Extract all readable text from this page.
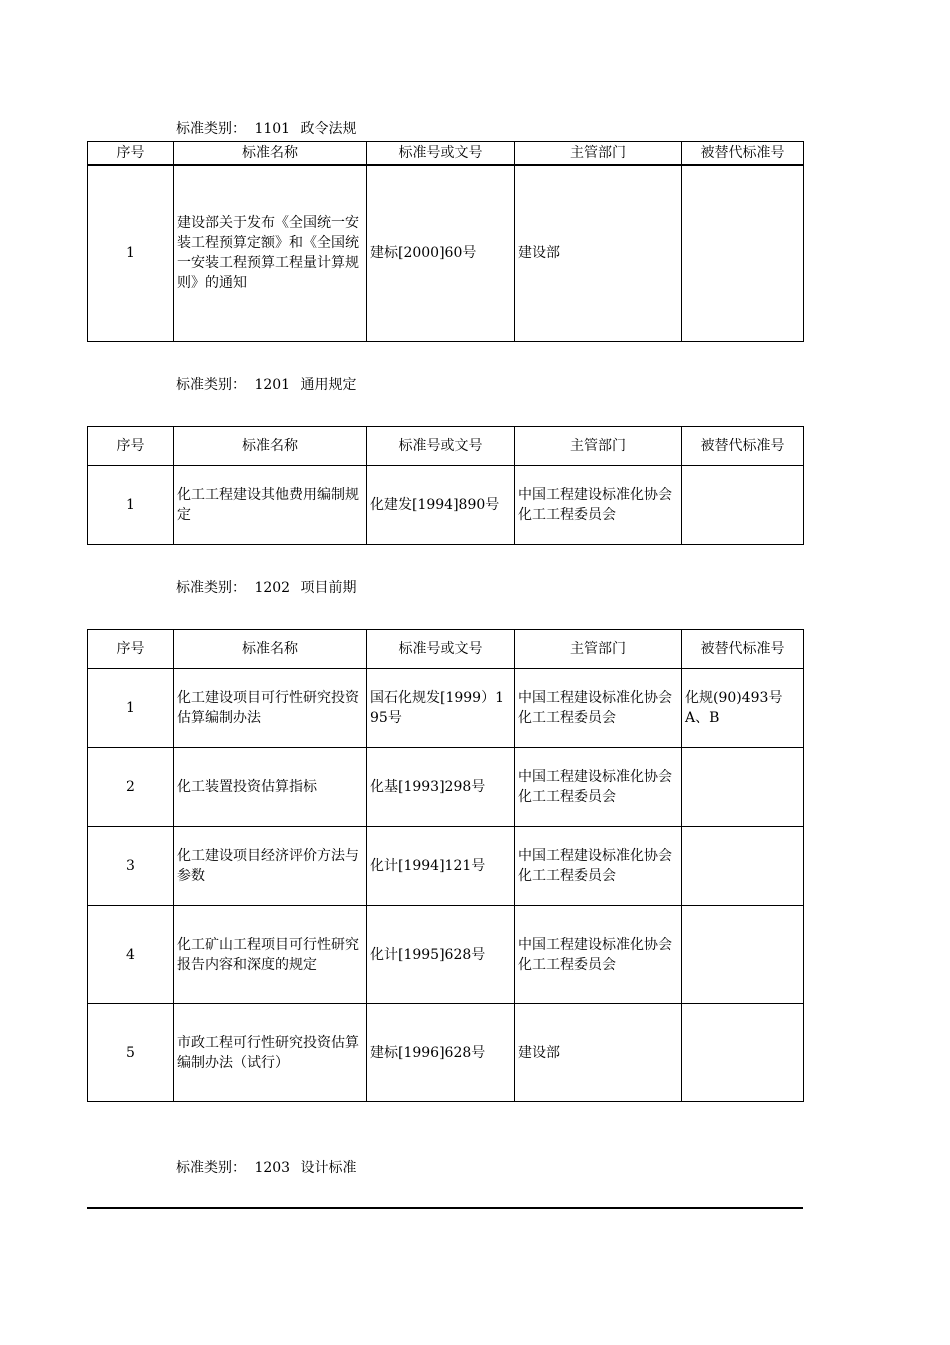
标准类别： 1101 政令法规
序号	标准名称	标准号或文号	主管部门	被替代标准号
1	建设部关于发布《全国统一安装工程预算定额》和《全国统一安装工程预算工程量计算规则》的通知	建标[2000]60号	建设部	
标准类别： 1201 通用规定
序号	标准名称	标准号或文号	主管部门	被替代标准号
1	化工工程建设其他费用编制规定	化建发[1994]890号	中国工程建设标准化协会化工工程委员会	
标准类别： 1202 项目前期
序号	标准名称	标准号或文号	主管部门	被替代标准号
1	化工建设项目可行性研究投资估算编制办法	国石化规发[1999）195号	中国工程建设标准化协会化工工程委员会	化规(90)493号A、B
2	化工装置投资估算指标	化基[1993]298号	中国工程建设标准化协会化工工程委员会	
3	化工建设项目经济评价方法与参数	化计[1994]121号	中国工程建设标准化协会化工工程委员会	
4	化工矿山工程项目可行性研究报告内容和深度的规定	化计[1995]628号	中国工程建设标准化协会化工工程委员会	
5	市政工程可行性研究投资估算编制办法（试行）	建标[1996]628号	建设部	
标准类别： 1203 设计标准
